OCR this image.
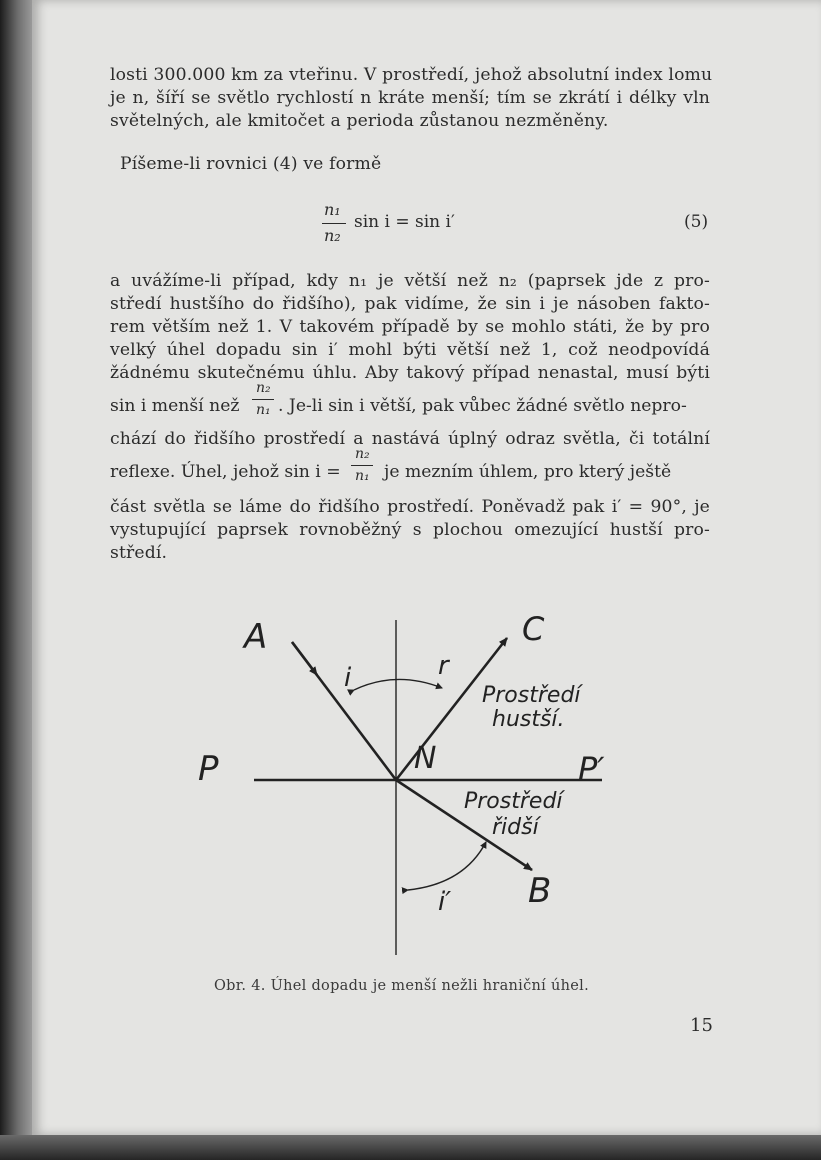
losti 300.000 km za vteřinu. V prostředí, jehož absolutní index lomu
je n, šíří se světlo rychlostí n kráte menší; tím se zkrátí i délky vln
světelných, ale kmitočet a perioda zůstanou nezměněny.
Píšeme-li rovnici (4) ve formě
n₁
n₂
sin i = sin i′	(5)
a uvážíme-li případ, kdy n₁ je větší než n₂ (paprsek jde z pro-
středí hustšího do řidšího), pak vidíme, že sin i je násoben fakto-
rem větším než 1. V takovém případě by se mohlo státi, že by pro
velký úhel dopadu sin i′ mohl býti větší než 1, což neodpovídá
žádnému skutečnému úhlu. Aby takový případ nenastal, musí býti
sin i menší než
n₂
n₁ . Je-li sin i větší, pak vůbec žádné světlo nepro-
chází do řidšího prostředí a nastává úplný odraz světla, či totální
reflexe. Úhel, jehož sin i =
n₂
n₁ je mezním úhlem, pro který ještě
část světla se láme do řidšího prostředí. Poněvadž pak i′ = 90°, je
vystupující paprsek rovnoběžný s plochou omezující hustší pro-
středí.
A	C
P	P′
N
B
i	r
i′
Prostředí
hustší.
Prostředí
řidší
Obr. 4. Úhel dopadu je menší nežli hraniční úhel.
15
